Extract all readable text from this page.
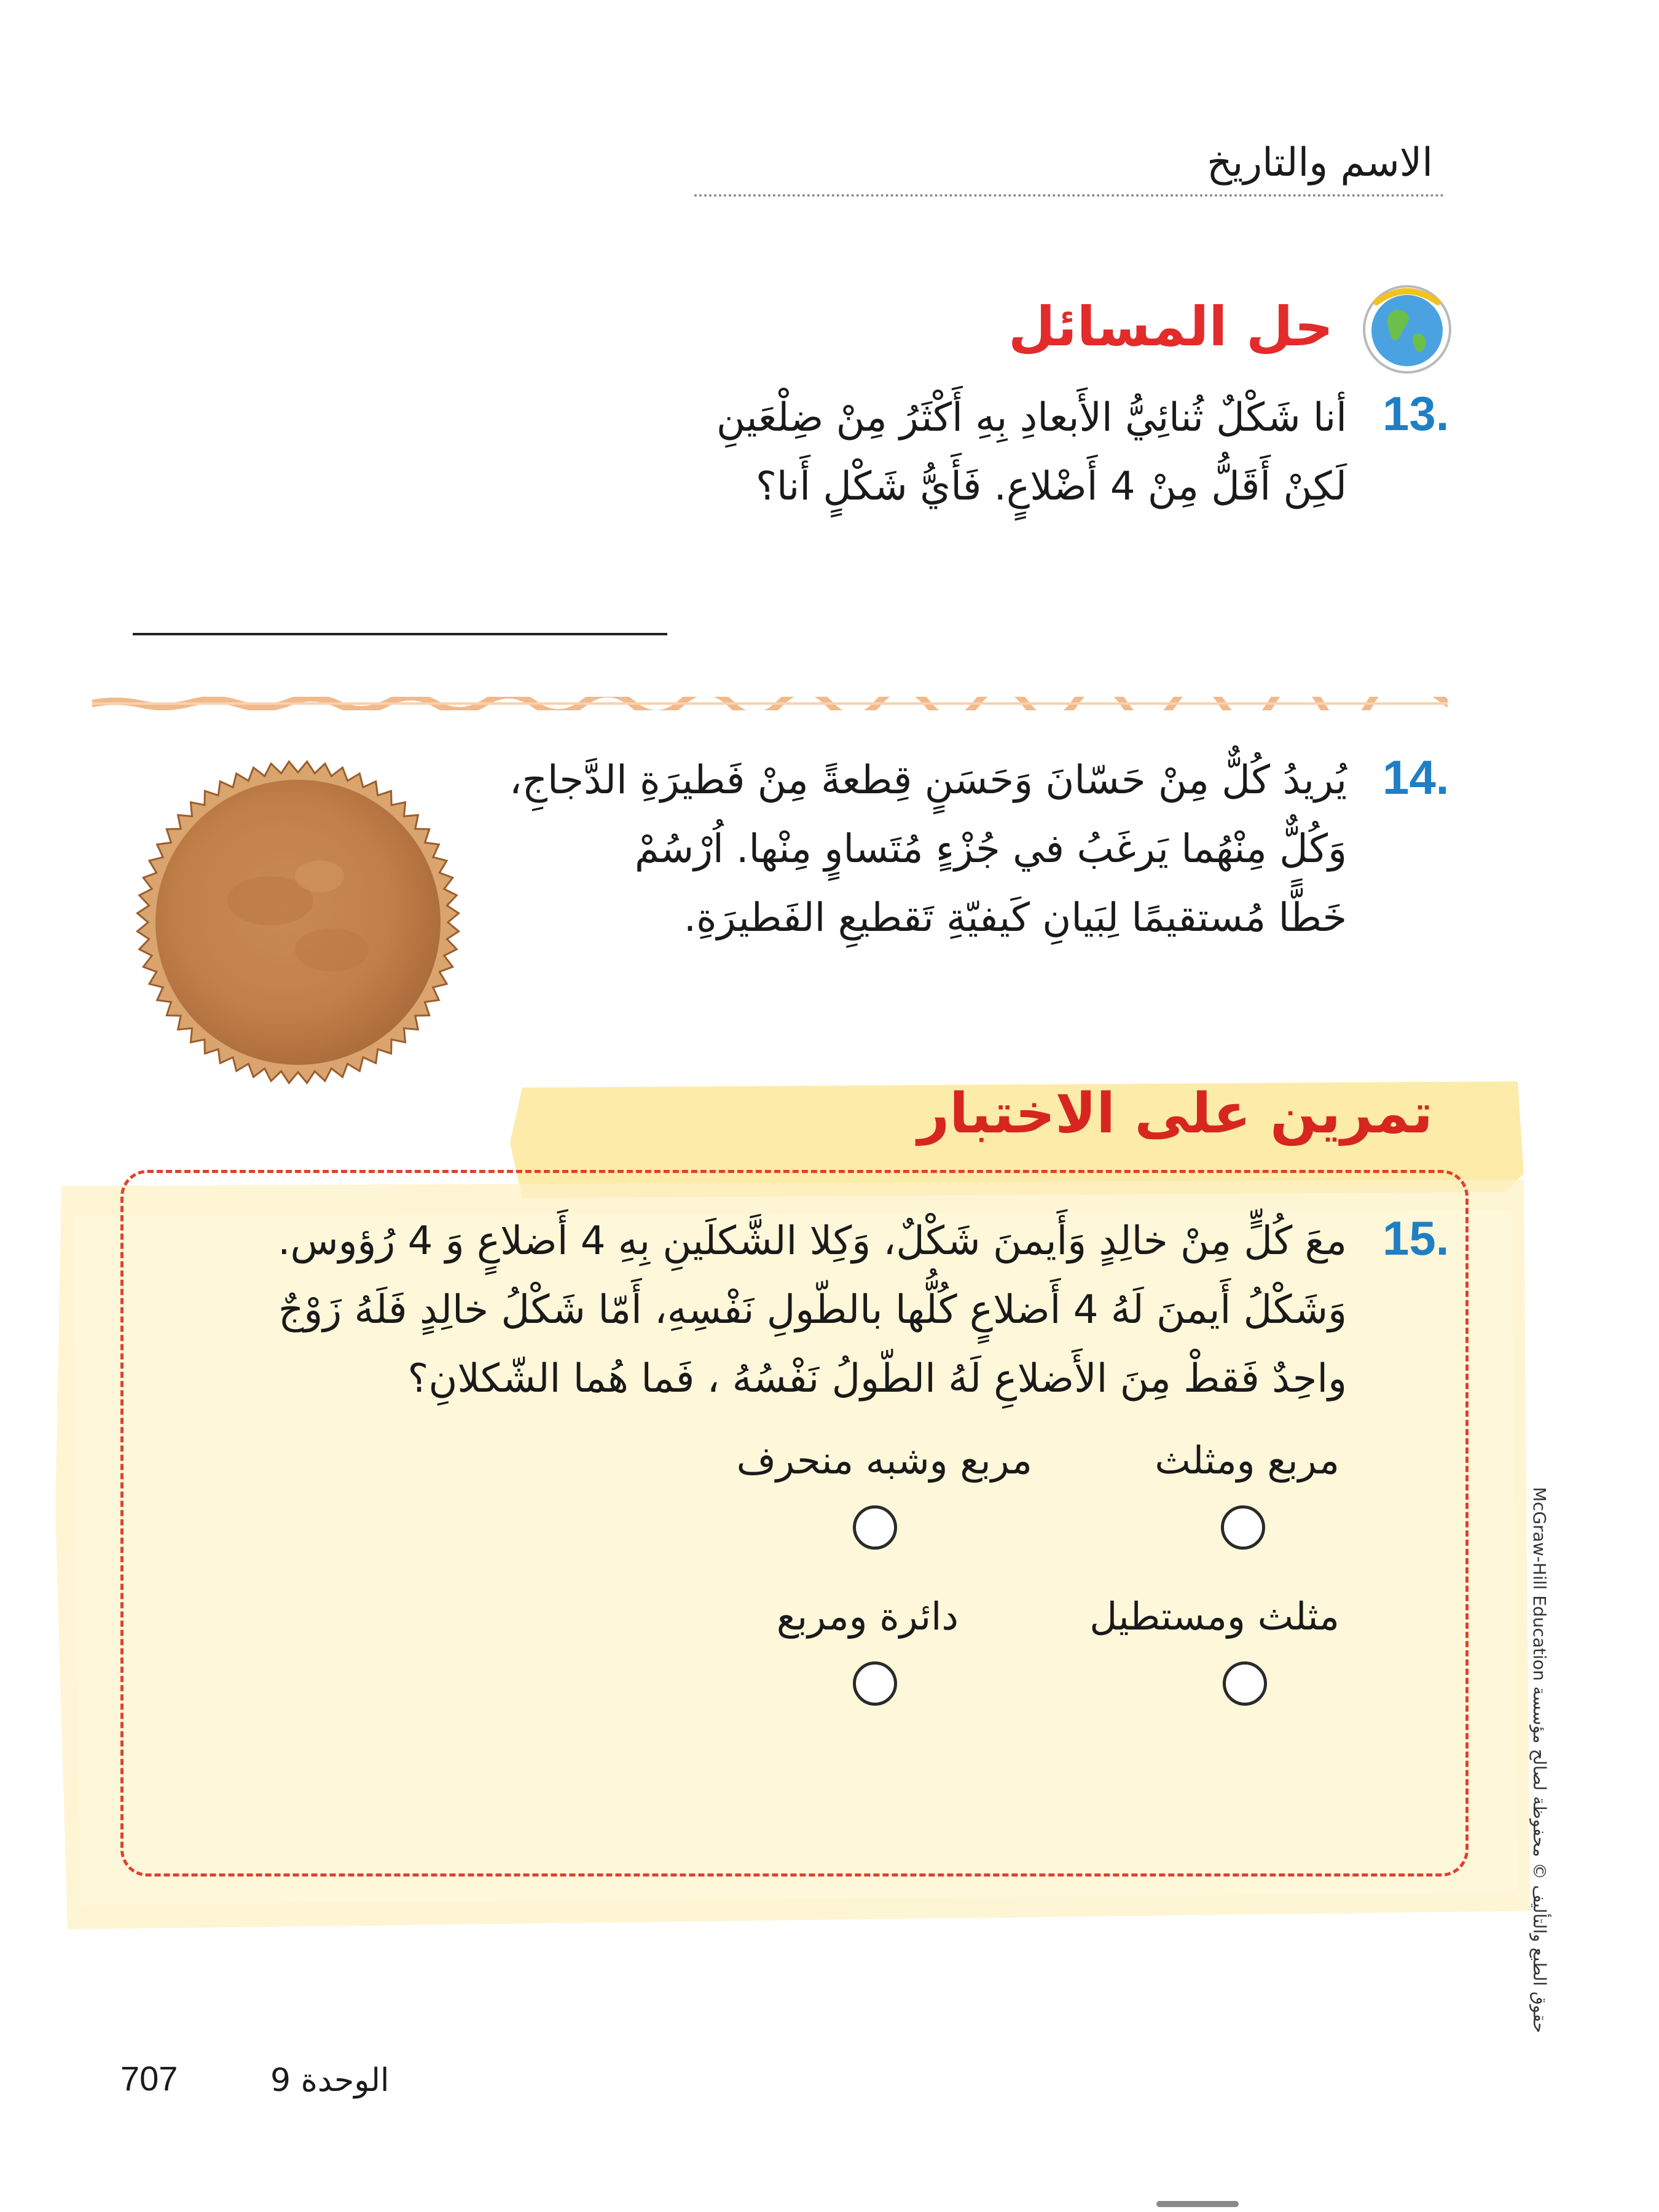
الاسم والتاريخ
حل المسائل
13.
أنا شَكْلٌ ثُنائِيُّ الأَبعادِ بِهِ أَكْثَرُ مِنْ ضِلْعَينِ
لَكِنْ أَقَلُّ مِنْ 4 أَضْلاعٍ. فَأَيُّ شَكْلٍ أَنا؟
14.
يُريدُ كُلٌّ مِنْ حَسّانَ وَحَسَنٍ قِطعةً مِنْ فَطيرَةِ الدَّجاجِ،
وَكُلٌّ مِنْهُما يَرغَبُ في جُزْءٍ مُتَساوٍ مِنْها. اُرْسُمْ
خَطًّا مُستقيمًا لِبَيانِ كَيفيّةِ تَقطيعِ الفَطيرَةِ.
تمرين على الاختبار
15.
معَ كُلٍّ مِنْ خالِدٍ وَأَيمنَ شَكْلٌ، وَكِلا الشَّكلَينِ بِهِ 4 أَضلاعٍ وَ 4 رُؤوس.
وَشَكْلُ أَيمنَ لَهُ 4 أَضلاعٍ كُلُّها بالطّولِ نَفْسِهِ، أَمّا شَكْلُ خالِدٍ فَلَهُ زَوْجٌ
واحِدٌ فَقطْ مِنَ الأَضلاعِ لَهُ الطّولُ نَفْسُهُ ، فَما هُما الشّكلانِ؟
مربع ومثلث
مربع وشبه منحرف
مثلث ومستطيل
دائرة ومربع	حقوق الطبع والتأليف © محفوظة لصالح مؤسسة McGraw-Hill Education
707	الوحدة 9
